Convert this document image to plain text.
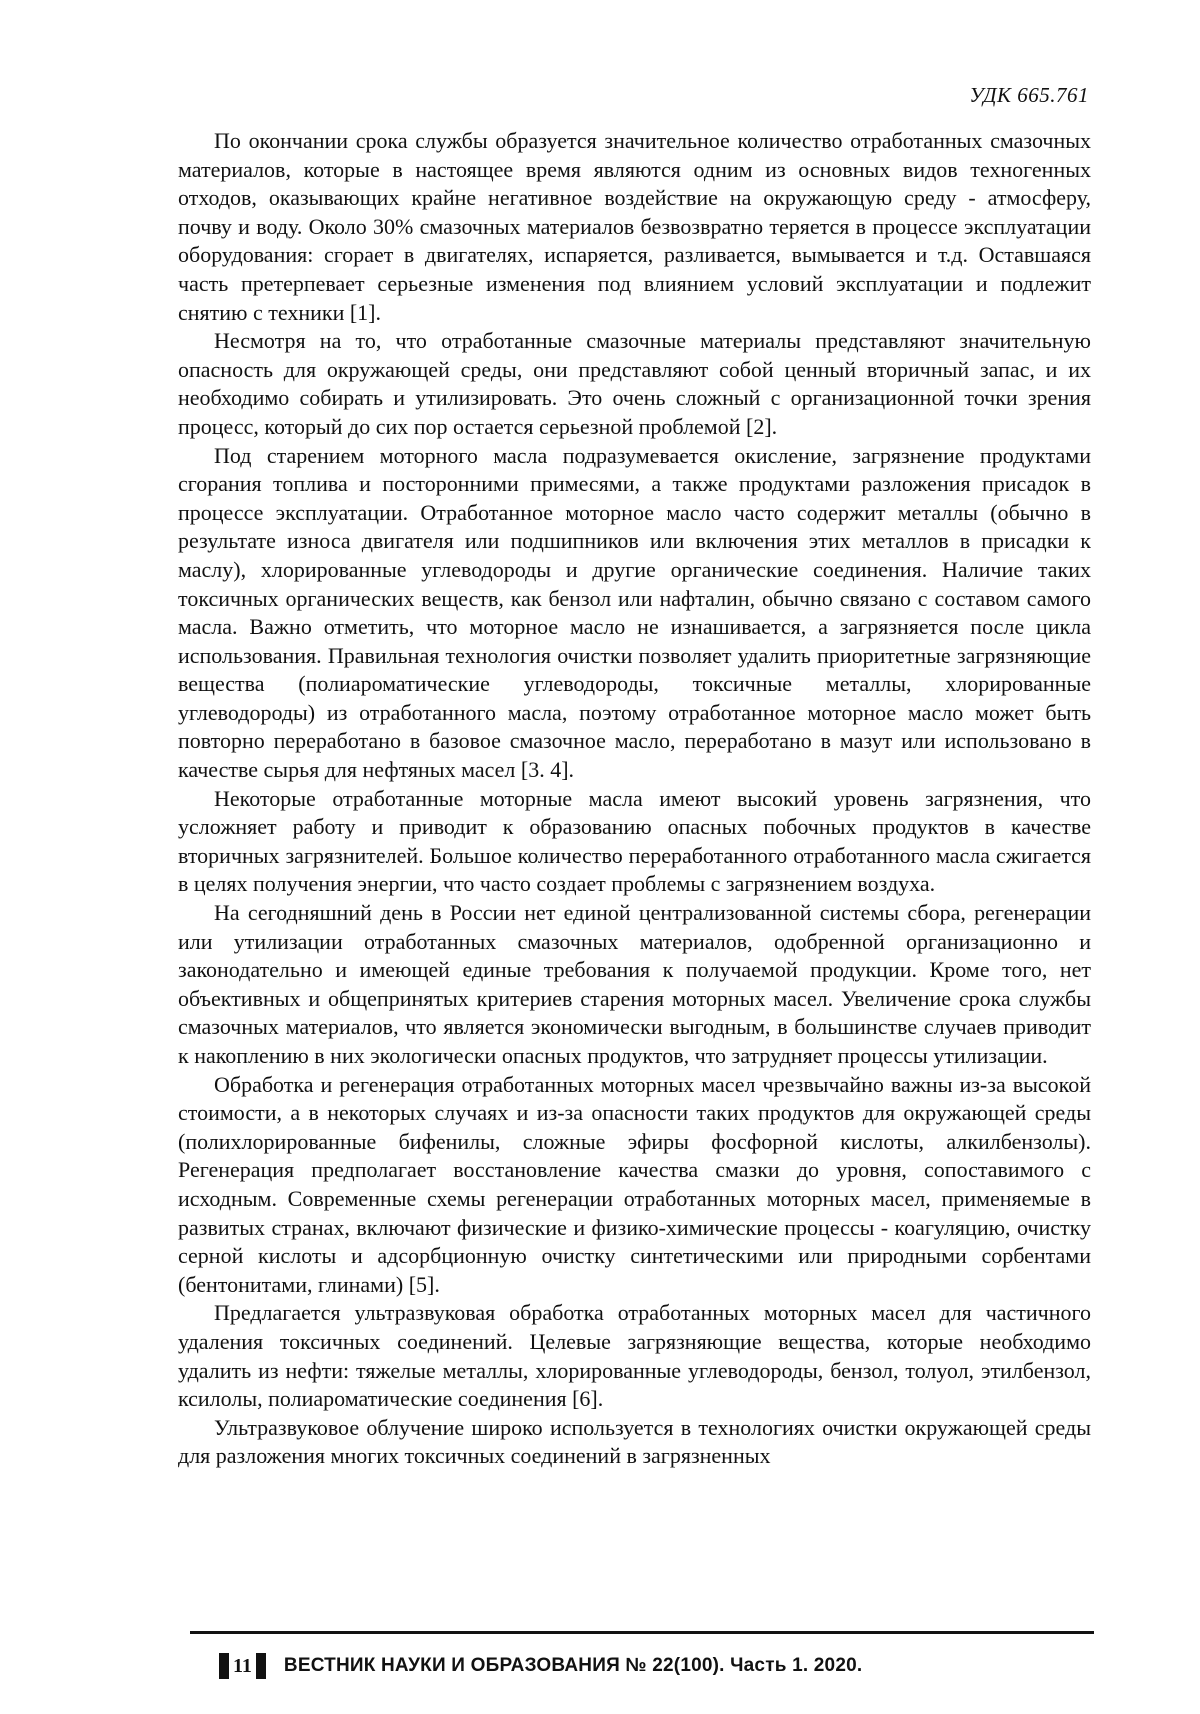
УДК 665.761

По окончании срока службы образуется значительное количество отработанных смазочных материалов, которые в настоящее время являются одним из основных видов техногенных отходов, оказывающих крайне негативное воздействие на окружающую среду - атмосферу, почву и воду. Около 30% смазочных материалов безвозвратно теряется в процессе эксплуатации оборудования: сгорает в двигателях, испаряется, разливается, вымывается и т.д. Оставшаяся часть претерпевает серьезные изменения под влиянием условий эксплуатации и подлежит снятию с техники [1].

Несмотря на то, что отработанные смазочные материалы представляют значительную опасность для окружающей среды, они представляют собой ценный вторичный запас, и их необходимо собирать и утилизировать. Это очень сложный с организационной точки зрения процесс, который до сих пор остается серьезной проблемой [2].

Под старением моторного масла подразумевается окисление, загрязнение продуктами сгорания топлива и посторонними примесями, а также продуктами разложения присадок в процессе эксплуатации. Отработанное моторное масло часто содержит металлы (обычно в результате износа двигателя или подшипников или включения этих металлов в присадки к маслу), хлорированные углеводороды и другие органические соединения. Наличие таких токсичных органических веществ, как бензол или нафталин, обычно связано с составом самого масла. Важно отметить, что моторное масло не изнашивается, а загрязняется после цикла использования. Правильная технология очистки позволяет удалить приоритетные загрязняющие вещества (полиароматические углеводороды, токсичные металлы, хлорированные углеводороды) из отработанного масла, поэтому отработанное моторное масло может быть повторно переработано в базовое смазочное масло, переработано в мазут или использовано в качестве сырья для нефтяных масел [3. 4].

Некоторые отработанные моторные масла имеют высокий уровень загрязнения, что усложняет работу и приводит к образованию опасных побочных продуктов в качестве вторичных загрязнителей. Большое количество переработанного отработанного масла сжигается в целях получения энергии, что часто создает проблемы с загрязнением воздуха.

На сегодняшний день в России нет единой централизованной системы сбора, регенерации или утилизации отработанных смазочных материалов, одобренной организационно и законодательно и имеющей единые требования к получаемой продукции. Кроме того, нет объективных и общепринятых критериев старения моторных масел. Увеличение срока службы смазочных материалов, что является экономически выгодным, в большинстве случаев приводит к накоплению в них экологически опасных продуктов, что затрудняет процессы утилизации.

Обработка и регенерация отработанных моторных масел чрезвычайно важны из-за высокой стоимости, а в некоторых случаях и из-за опасности таких продуктов для окружающей среды (полихлорированные бифенилы, сложные эфиры фосфорной кислоты, алкилбензолы). Регенерация предполагает восстановление качества смазки до уровня, сопоставимого с исходным. Современные схемы регенерации отработанных моторных масел, применяемые в развитых странах, включают физические и физико-химические процессы - коагуляцию, очистку серной кислоты и адсорбционную очистку синтетическими или природными сорбентами (бентонитами, глинами) [5].

Предлагается ультразвуковая обработка отработанных моторных масел для частичного удаления токсичных соединений. Целевые загрязняющие вещества, которые необходимо удалить из нефти: тяжелые металлы, хлорированные углеводороды, бензол, толуол, этилбензол, ксилолы, полиароматические соединения [6].

Ультразвуковое облучение широко используется в технологиях очистки окружающей среды для разложения многих токсичных соединений в загрязненных

11 ВЕСТНИК НАУКИ И ОБРАЗОВАНИЯ № 22(100). Часть 1. 2020.
